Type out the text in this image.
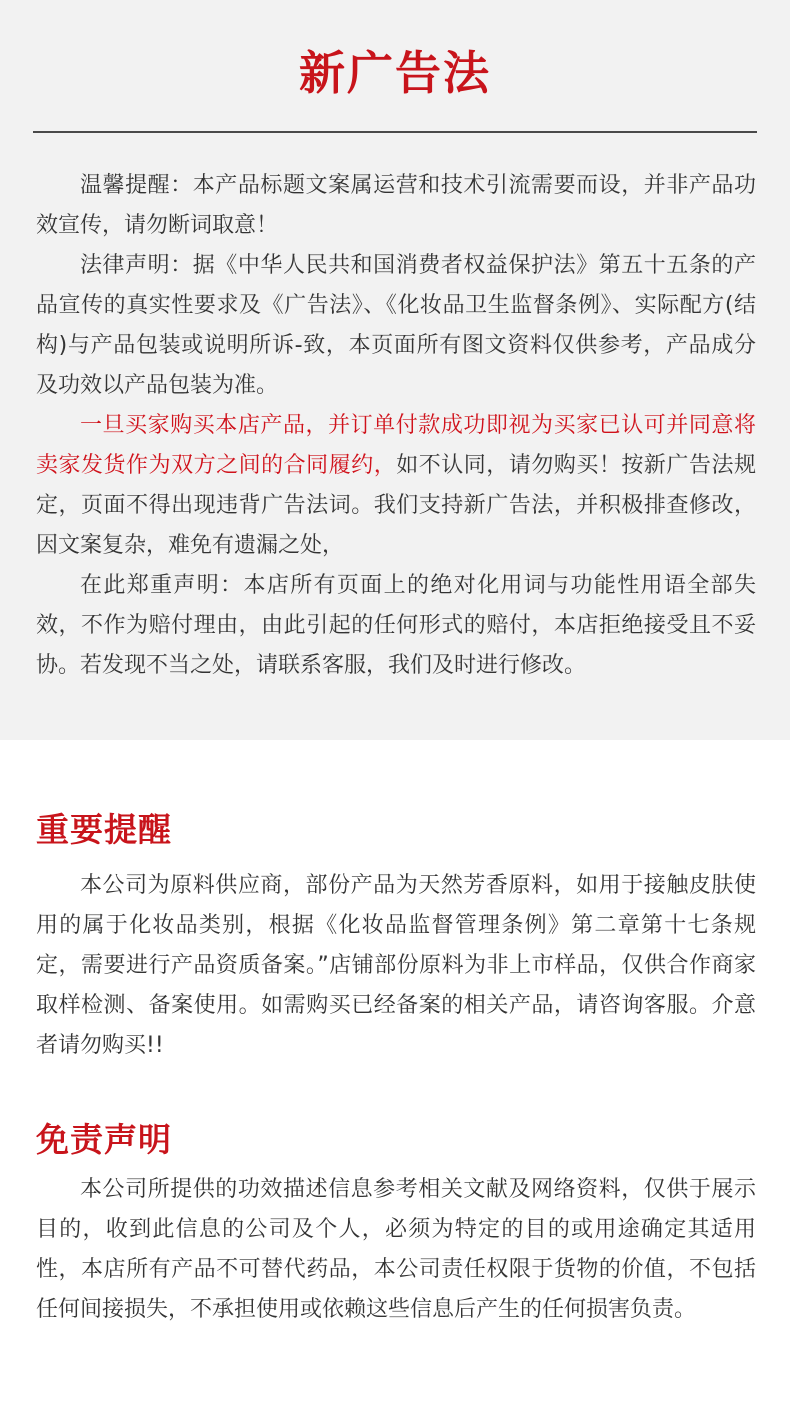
新广告法

温馨提醒：本产品标题文案属运营和技术引流需要而设，并非产品功效宣传，请勿断词取意！

法律声明：据《中华人民共和国消费者权益保护法》第五十五条的产品宣传的真实性要求及《广告法》、《化妆品卫生监督条例》、实际配方(结构)与产品包装或说明所诉-致，本页面所有图文资料仅供参考，产品成分及功效以产品包装为准。

一旦买家购买本店产品，并订单付款成功即视为买家已认可并同意将卖家发货作为双方之间的合同履约，如不认同，请勿购买！按新广告法规定，页面不得出现违背广告法词。我们支持新广告法，并积极排查修改，因文案复杂，难免有遗漏之处，

在此郑重声明：本店所有页面上的绝对化用词与功能性用语全部失效，不作为赔付理由，由此引起的任何形式的赔付，本店拒绝接受且不妥协。若发现不当之处，请联系客服，我们及时进行修改。

重要提醒

本公司为原料供应商，部份产品为天然芳香原料，如用于接触皮肤使用的属于化妆品类别，根据《化妆品监督管理条例》第二章第十七条规定，需要进行产品资质备案。”店铺部份原料为非上市样品，仅供合作商家取样检测、备案使用。如需购买已经备案的相关产品，请咨询客服。介意者请勿购买!!

免责声明

本公司所提供的功效描述信息参考相关文献及网络资料，仅供于展示目的，收到此信息的公司及个人，必须为特定的目的或用途确定其适用性，本店所有产品不可替代药品，本公司责任权限于货物的价值，不包括任何间接损失，不承担使用或依赖这些信息后产生的任何损害负责。
